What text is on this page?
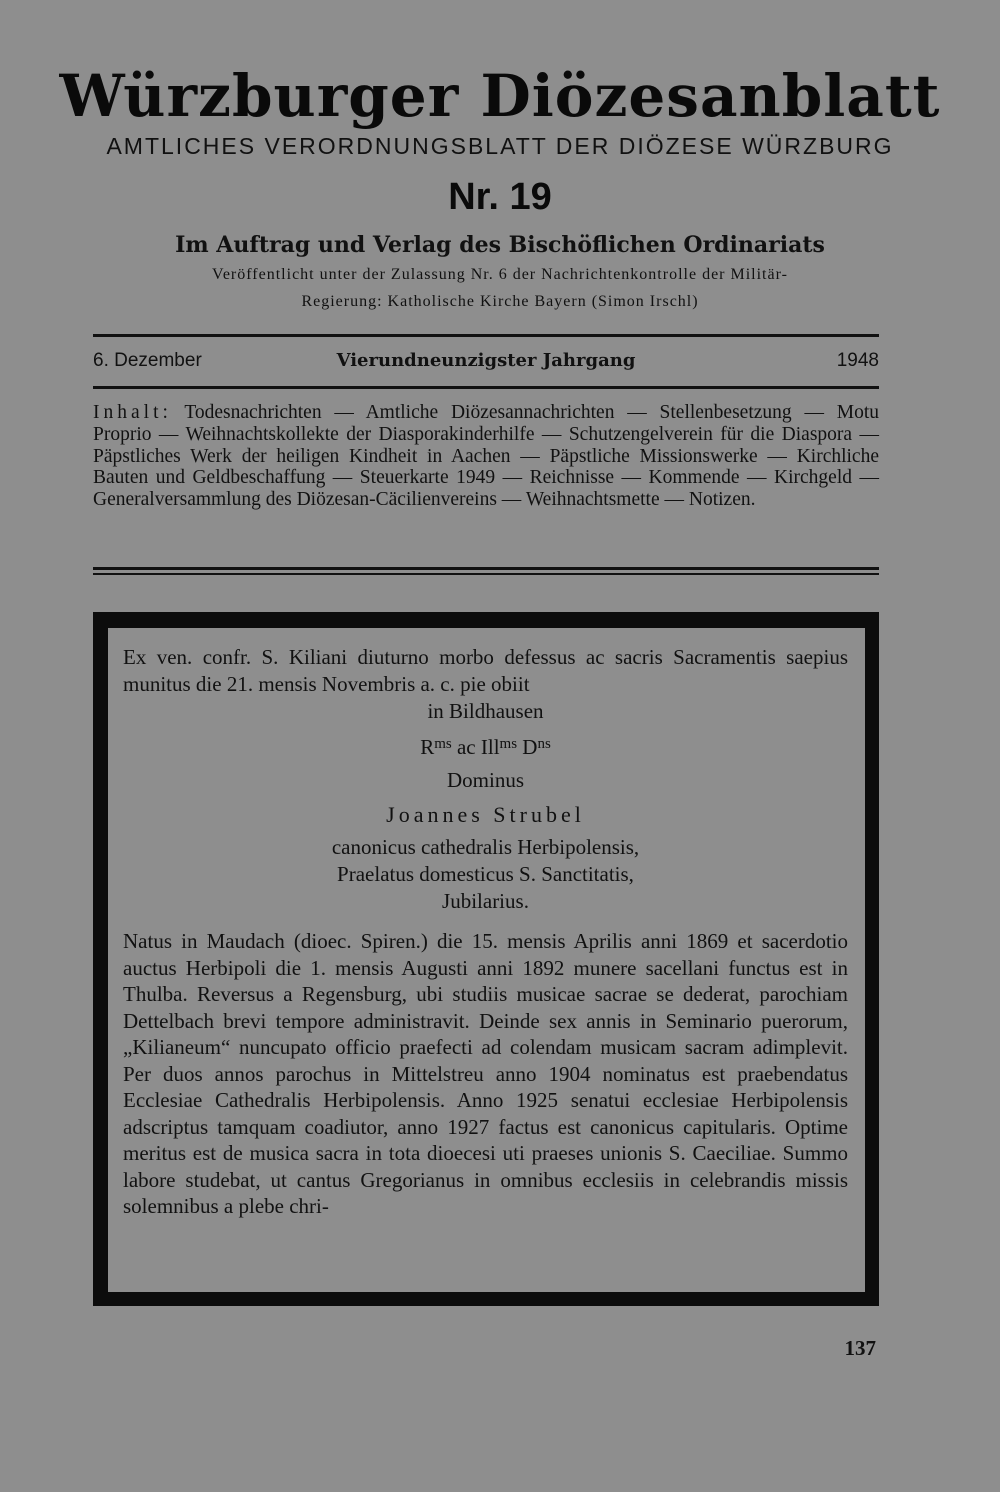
Würzburger Diözesanblatt
AMTLICHES VERORDNUNGSBLATT DER DIÖZESE WÜRZBURG
Nr. 19
Im Auftrag und Verlag des Bischöflichen Ordinariats
Veröffentlicht unter der Zulassung Nr. 6 der Nachrichtenkontrolle der Militär-
Regierung: Katholische Kirche Bayern (Simon Irschl)
6. Dezember	Vierundneunzigster Jahrgang	1948
Inhalt: Todesnachrichten — Amtliche Diözesannachrichten — Stellenbesetzung — Motu Proprio — Weihnachtskollekte der Diasporakinderhilfe — Schutzengelverein für die Diaspora — Päpstliches Werk der heiligen Kindheit in Aachen — Päpstliche Missionswerke — Kirchliche Bauten und Geldbeschaffung — Steuerkarte 1949 — Reichnisse — Kommende — Kirchgeld — Generalversammlung des Diözesan-Cäcilienvereins — Weihnachtsmette — Notizen.
Ex ven. confr. S. Kiliani diuturno morbo defessus ac sacris Sacramentis saepius munitus die 21. mensis Novembris a. c. pie obiit
in Bildhausen
$R^{ms}$ ac Ill$^{ms}$ $D^{ns}$
Dominus
Joannes Strubel
canonicus cathedralis Herbipolensis,
Praelatus domesticus S. Sanctitatis,
Jubilarius.
Natus in Maudach (dioec. Spiren.) die 15. mensis Aprilis anni 1869 et sacerdotio auctus Herbipoli die 1. mensis Augusti anni 1892 munere sacellani functus est in Thulba. Reversus a Regensburg, ubi studiis musicae sacrae se dederat, parochiam Dettelbach brevi tempore administravit. Deinde sex annis in Seminario puerorum, „Kilianeum“ nuncupato officio praefecti ad colendam musicam sacram adimplevit. Per duos annos parochus in Mittelstreu anno 1904 nominatus est praebendatus Ecclesiae Cathedralis Herbipolensis. Anno 1925 senatui ecclesiae Herbipolensis adscriptus tamquam coadiutor, anno 1927 factus est canonicus capitularis. Optime meritus est de musica sacra in tota dioecesi uti praeses unionis S. Caeciliae. Summo labore studebat, ut cantus Gregorianus in omnibus ecclesiis in celebrandis missis solemnibus a plebe chri-
137
